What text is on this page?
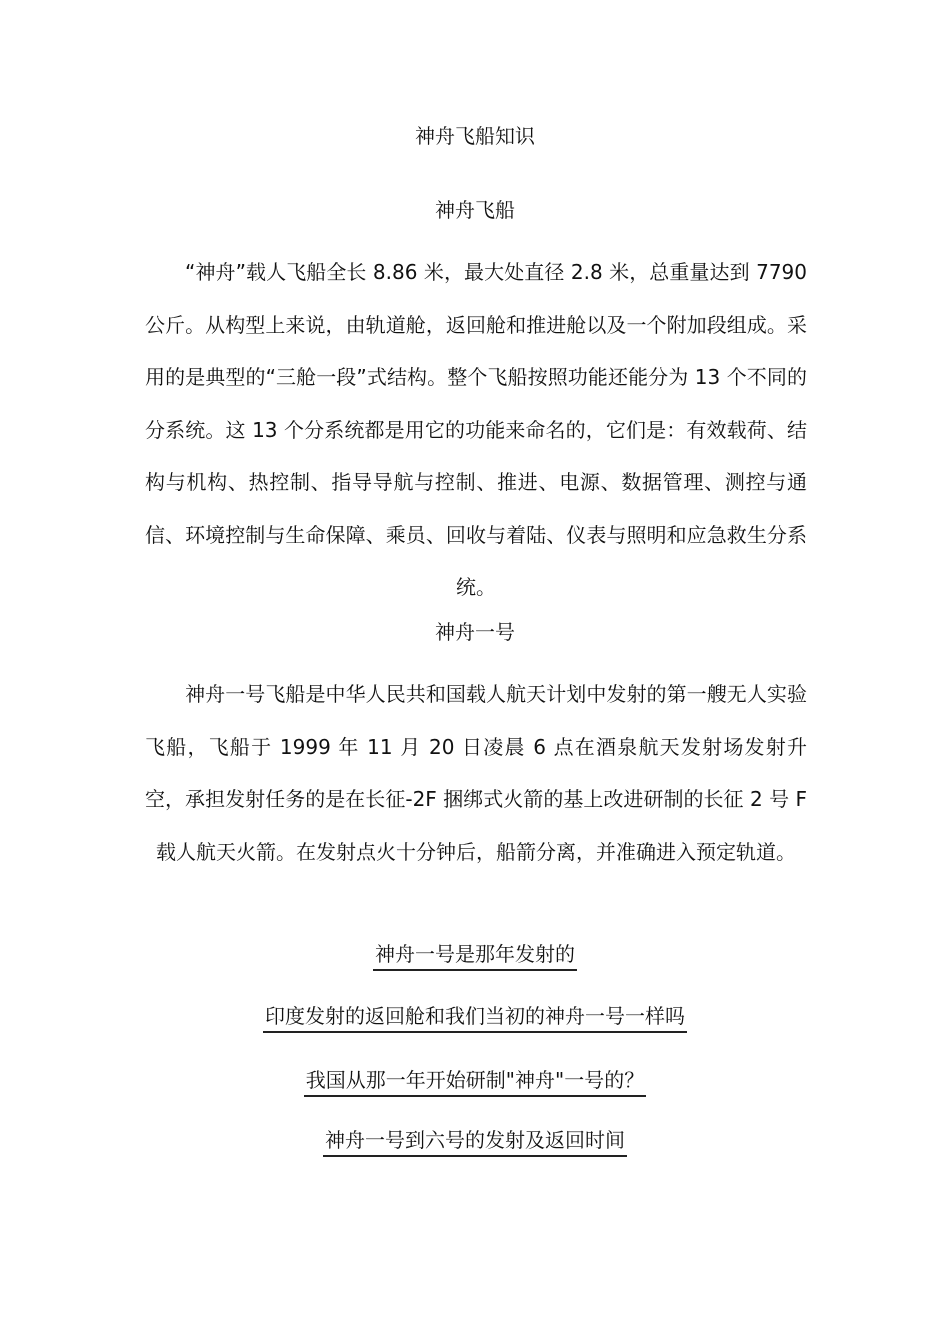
神舟飞船知识
神舟飞船
“神舟”载人飞船全长 8.86 米，最大处直径 2.8 米，总重量达到 7790 公斤。从构型上来说，由轨道舱，返回舱和推进舱以及一个附加段组成。采用的是典型的“三舱一段”式结构。整个飞船按照功能还能分为 13 个不同的分系统。这 13 个分系统都是用它的功能来命名的，它们是：有效载荷、结构与机构、热控制、指导导航与控制、推进、电源、数据管理、测控与通信、环境控制与生命保障、乘员、回收与着陆、仪表与照明和应急救生分系统。
神舟一号
神舟一号飞船是中华人民共和国载人航天计划中发射的第一艘无人实验飞船，飞船于 1999 年 11 月 20 日凌晨 6 点在酒泉航天发射场发射升空，承担发射任务的是在长征-2F 捆绑式火箭的基上改进研制的长征 2 号 F 载人航天火箭。在发射点火十分钟后，船箭分离，并准确进入预定轨道。
神舟一号是那年发射的
印度发射的返回舱和我们当初的神舟一号一样吗
我国从那一年开始研制"神舟"一号的？
神舟一号到六号的发射及返回时间
